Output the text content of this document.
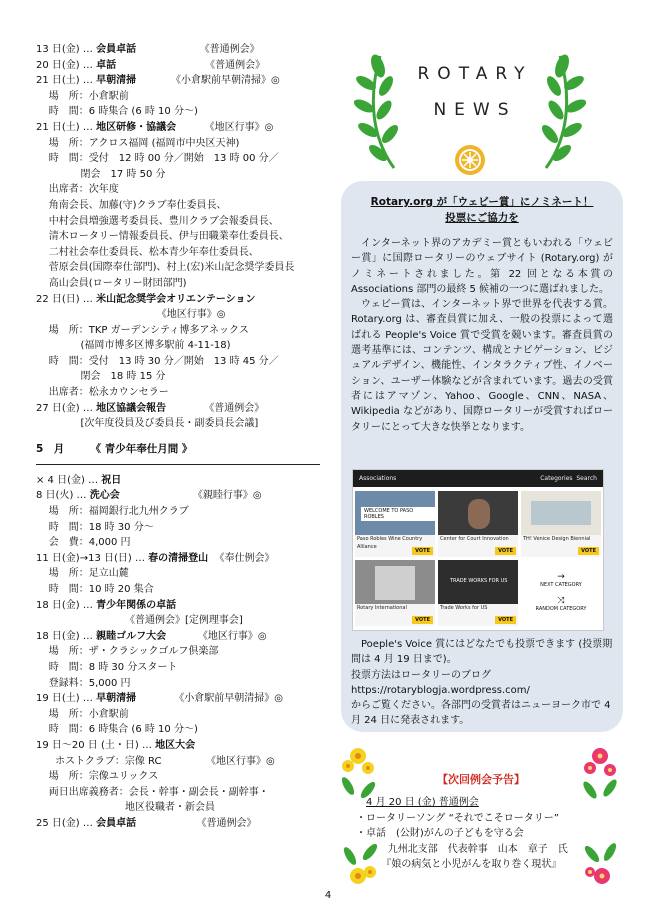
13 日(金) … 会員卓話                    《普通例会》
20 日(金) … 卓話                            《普通例会》
21 日(土) … 早朝清掃           《小倉駅前早朝清掃》◎
場　所：小倉駅前
時　間：6 時集合 (6 時 10 分～)
21 日(土) … 地区研修・協議会         《地区行事》◎
場　所：アクロス福岡 (福岡市中央区天神)
時　間：受付　12 時 00 分／開始　13 時 00 分／
閉会　17 時 50 分
出席者：次年度
角南会長、加藤(守)クラブ奉仕委員長、
中村会員増強選考委員長、豊川クラブ会報委員長、
清木ロータリー情報委員長、伊与田職業奉仕委員長、
二村社会奉仕委員長、松本青少年奉仕委員長、
菅原会員(国際奉仕部門)、村上(宏)米山記念奨学委員長
高山会員(ロータリー財団部門)
22 日(日) … 米山記念奨学会オリエンテーション
《地区行事》◎
場　所：TKP ガーデンシティ博多アネックス
(福岡市博多区博多駅前 4-11-18)
時　間：受付　13 時 30 分／開始　13 時 45 分／
閉会　18 時 15 分
出席者：松永カウンセラー
27 日(金) … 地区協議会報告            《普通例会》
[次年度役員及び委員長・副委員長会議]
5　月　　　《 青少年奉仕月間 》
× 4 日(金) … 祝日
8 日(火) … 洗心会                       《親睦行事》◎
場　所：福岡銀行北九州クラブ
時　間：18 時 30 分～
会　費：4,000 円
11 日(金)→13 日(日) … 春の清掃登山  《奉仕例会》
場　所：足立山麓
時　間：10 時 20 集合
18 日(金) … 青少年関係の卓話
《普通例会》[定例理事会]
18 日(金) … 親睦ゴルフ大会          《地区行事》◎
場　所：ザ・クラシックゴルフ倶楽部
時　間：8 時 30 分スタート
登録料：5,000 円
19 日(土) … 早朝清掃            《小倉駅前早朝清掃》◎
場　所：小倉駅前
時　間：6 時集合 (6 時 10 分～)
19 日～20 日 (土・日) … 地区大会
ホストクラブ：宗像 RC              《地区行事》◎
場　所：宗像ユリックス
両日出席義務者：会長・幹事・副会長・副幹事・
地区役職者・新会員
25 日(金) … 会員卓話                   《普通例会》
ROTARY
NEWS
Rotary.org が「ウェビー賞」にノミネート！
投票にご協力を

インターネット界のアカデミー賞ともいわれる「ウェビー賞」に国際ロータリーのウェブサイト (Rotary.org) がノミネートされました。第 22 回となる本賞の Associations 部門の最終 5 候補の一つに選ばれました。

ウェビー賞は、インターネット界で世界を代表する賞。Rotary.org は、審査員賞に加え、一般の投票によって選ばれる People's Voice 賞で受賞を競います。審査員賞の選考基準には、コンテンツ、構成とナビゲーション、ビジュアルデザイン、機能性、インタラクティブ性、イノベーション、ユーザー体験などが含まれています。過去の受賞者にはアマゾン、Yahoo、Google、CNN、NASA、Wikipedia などがあり、国際ロータリーが受賞すればロータリーにとって大きな快挙となります。

Associations	Categories Search
WELCOME TO PASO ROBLES
Paso Robles Wine Country Alliance
VOTE
Center for Court Innovation
VOTE
TH! Venice Design Biennial
VOTE
Rotary International
VOTE
TRADE WORKS FOR US
Trade Works for US
VOTE
→
NEXT CATEGORY
⤨
RANDOM CATEGORY

Poeple's Voice 賞にはどなたでも投票できます (投票期間は 4 月 19 日まで)。

投票方法はロータリーのブログ

https://rotaryblogja.wordpress.com/

からご覧ください。各部門の受賞者はニューヨーク市で 4 月 24 日に発表されます。

【次回例会予告】
4 月 20 日 (金) 普通例会
・ロータリーソング “それでこそロータリー”
・卓話　(公財)がんの子どもを守る会
九州北支部　代表幹事　山本　章子　氏
『娘の病気と小児がんを取り巻く現状』
4
